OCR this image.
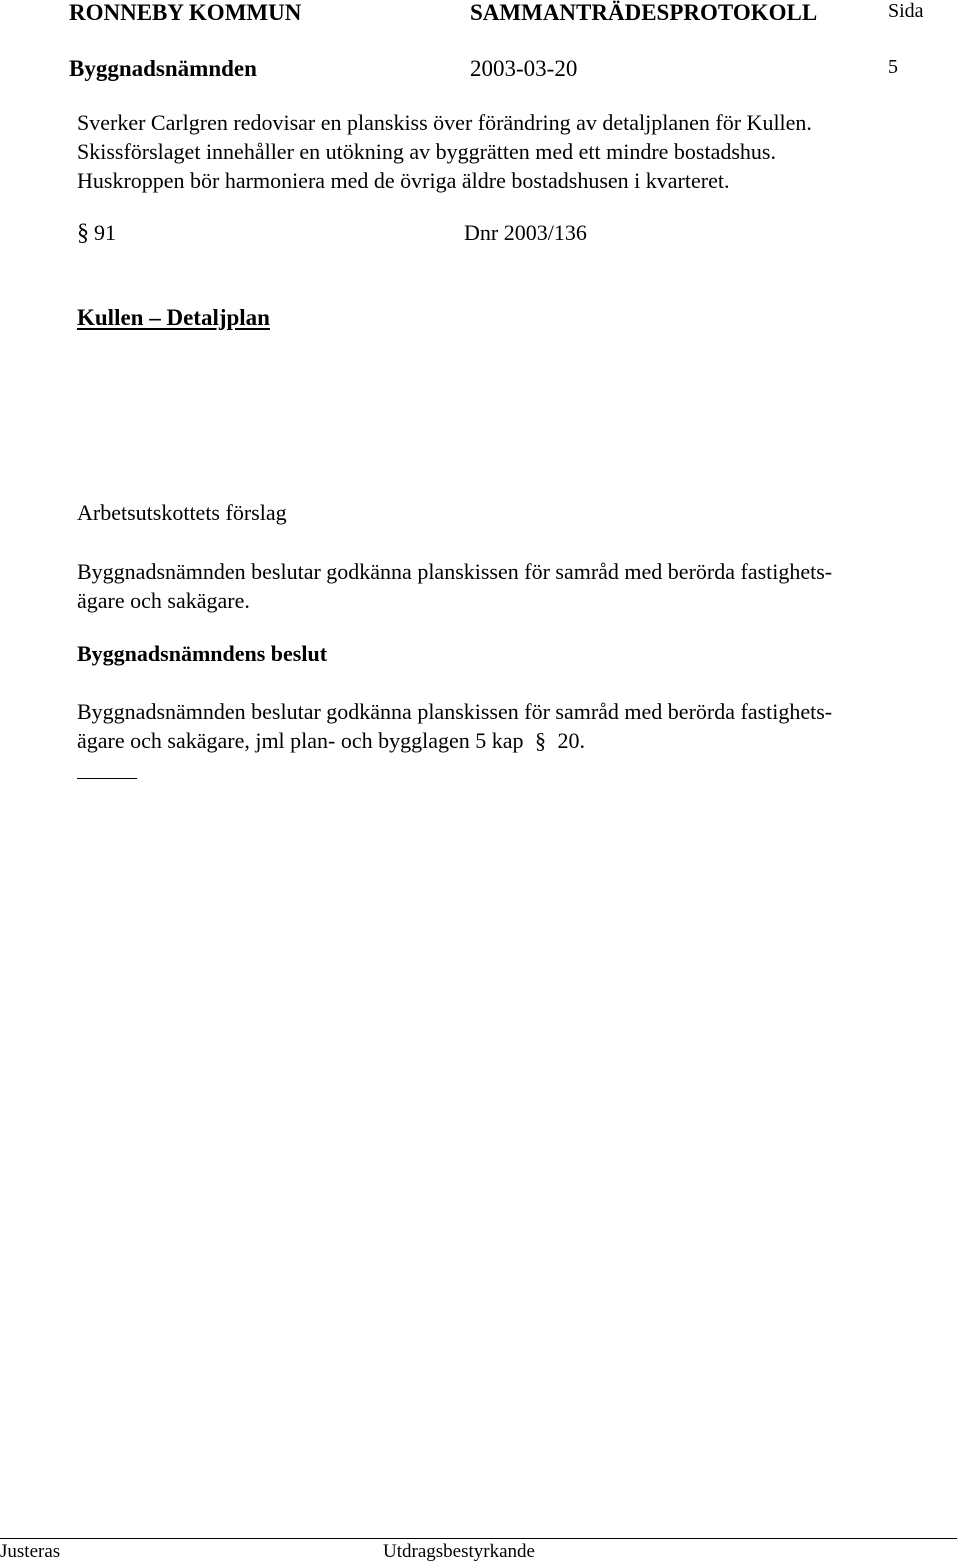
RONNEBY KOMMUN	SAMMANTRÄDESPROTOKOLL	Sida
Byggnadsnämnden	2003-03-20	5
§ 91	Dnr 2003/136
Kullen – Detaljplan

Sverker Carlgren redovisar en planskiss över förändring av detaljplanen för Kullen.

Skissförslaget innehåller en utökning av byggrätten med ett mindre bostadshus.

Huskroppen bör harmoniera med de övriga äldre bostadshusen i kvarteret.

Arbetsutskottets förslag

Byggnadsnämnden beslutar godkänna planskissen för samråd med berörda fastighets-

ägare och sakägare.

Byggnadsnämndens beslut

Byggnadsnämnden beslutar godkänna planskissen för samråd med berörda fastighets-

ägare och sakägare, jml plan- och bygglagen 5 kap § 20.

Justeras	Utdragsbestyrkande
